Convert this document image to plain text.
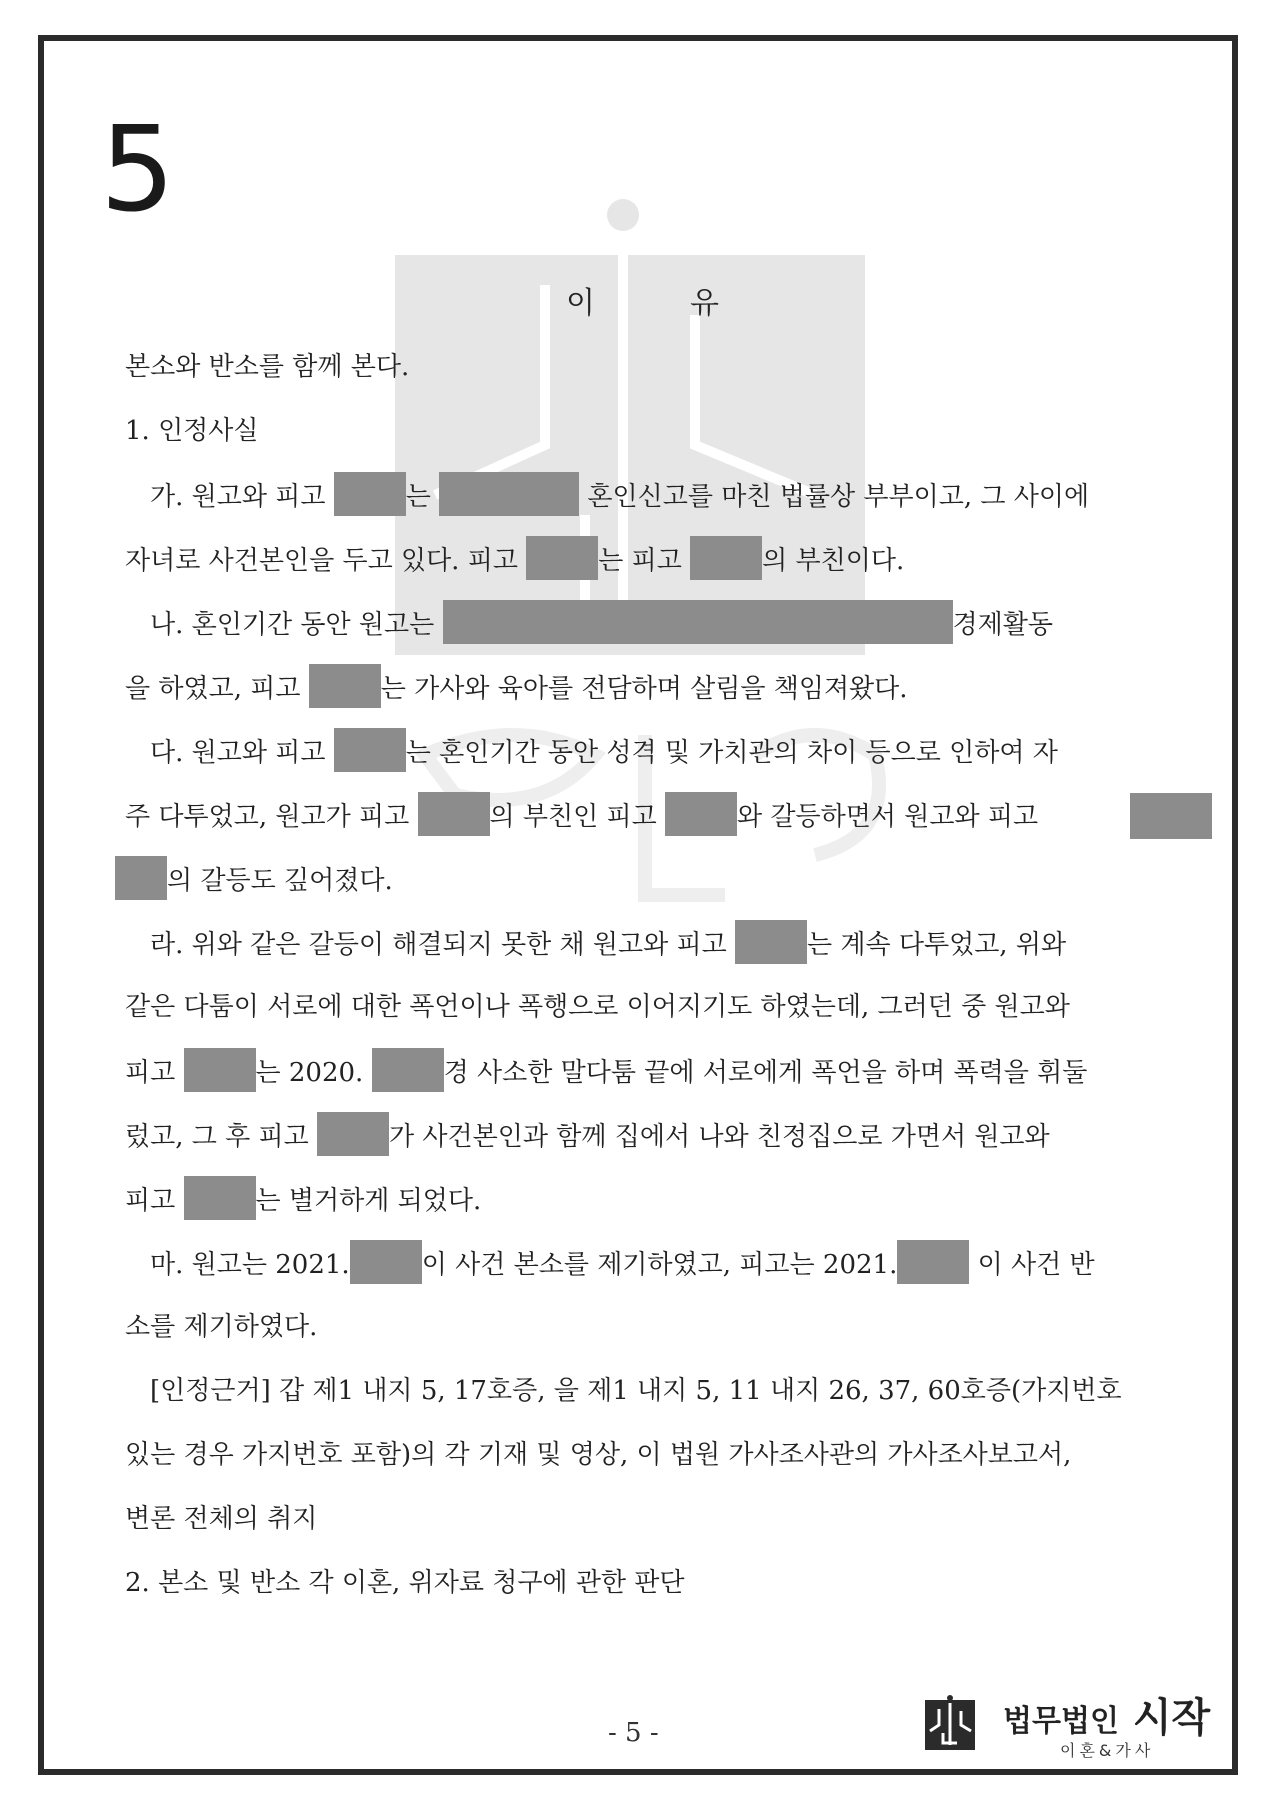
5
이	유
본소와 반소를 함께 본다.
1. 인정사실
가. 원고와 피고	는	혼인신고를 마친 법률상 부부이고, 그 사이에
자녀로 사건본인을 두고 있다. 피고	는 피고	의 부친이다.
나. 혼인기간 동안 원고는	경제활동
을 하였고, 피고	는 가사와 육아를 전담하며 살림을 책임져왔다.
다. 원고와 피고	는 혼인기간 동안 성격 및 가치관의 차이 등으로 인하여 자
주 다투었고, 원고가 피고	의 부친인 피고	와 갈등하면서 원고와 피고
의 갈등도 깊어졌다.
라. 위와 같은 갈등이 해결되지 못한 채 원고와 피고	는 계속 다투었고, 위와
같은 다툼이 서로에 대한 폭언이나 폭행으로 이어지기도 하였는데, 그러던 중 원고와
피고	는 2020.	경 사소한 말다툼 끝에 서로에게 폭언을 하며 폭력을 휘둘
렀고, 그 후 피고	가 사건본인과 함께 집에서 나와 친정집으로 가면서 원고와
피고	는 별거하게 되었다.
마. 원고는 2021.	이 사건 본소를 제기하였고, 피고는 2021.	이 사건 반
소를 제기하였다.
[인정근거] 갑 제1 내지 5, 17호증, 을 제1 내지 5, 11 내지 26, 37, 60호증(가지번호
있는 경우 가지번호 포함)의 각 기재 및 영상, 이 법원 가사조사관의 가사조사보고서,
변론 전체의 취지
2. 본소 및 반소 각 이혼, 위자료 청구에 관한 판단
- 5 -	법무법인 시작
이혼&가사
